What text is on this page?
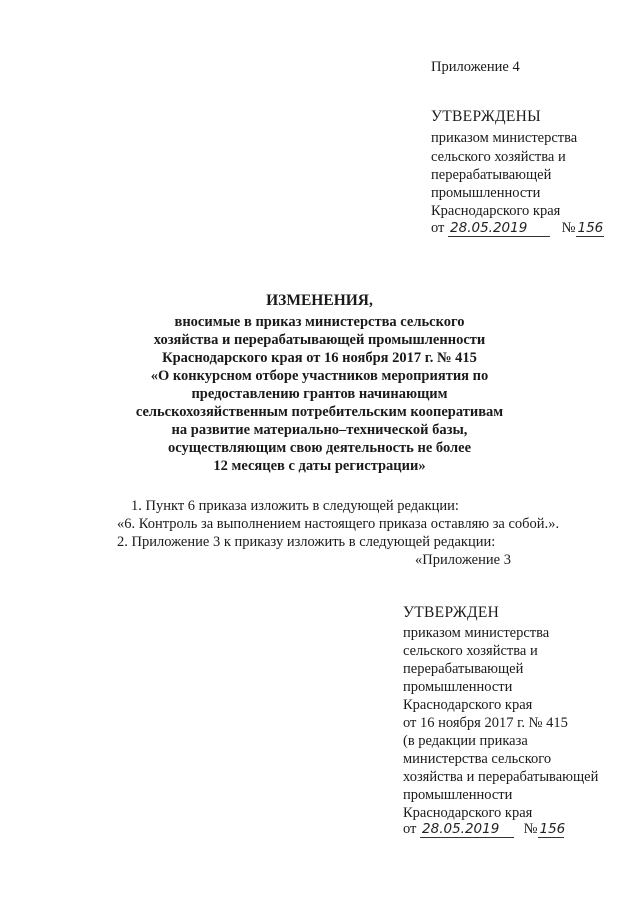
Приложение 4
УТВЕРЖДЕНЫ
приказом министерства
сельского хозяйства и
перерабатывающей
промышленности
Краснодарского края
от 28.05.2019 № 156
ИЗМЕНЕНИЯ,
вносимые в приказ министерства сельского
хозяйства и перерабатывающей промышленности
Краснодарского края от 16 ноября 2017 г. № 415
«О конкурсном отборе участников мероприятия по
предоставлению грантов начинающим
сельскохозяйственным потребительским кооперативам
на развитие материально–технической базы,
осуществляющим свою деятельность не более
12 месяцев с даты регистрации»
1. Пункт 6 приказа изложить в следующей редакции:
«6. Контроль за выполнением настоящего приказа оставляю за собой.».
2. Приложение 3 к приказу изложить в следующей редакции:
«Приложение 3
УТВЕРЖДЕН
приказом министерства
сельского хозяйства и
перерабатывающей
промышленности
Краснодарского края
от 16 ноября 2017 г. № 415
(в редакции приказа
министерства сельского
хозяйства и перерабатывающей
промышленности
Краснодарского края
от 28.05.2019 № 156
